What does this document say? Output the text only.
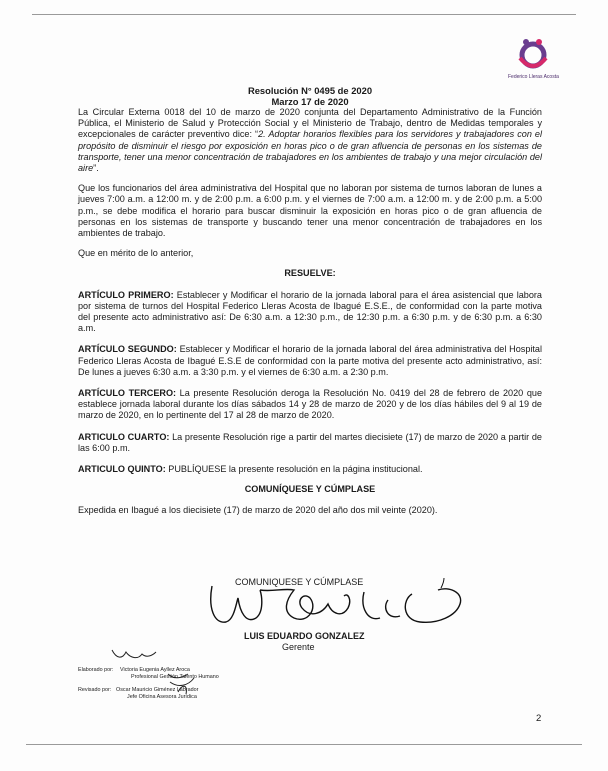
Federico Lleras Acosta
Resolución N° 0495 de 2020
Marzo 17 de 2020

La Circular Externa 0018 del 10 de marzo de 2020 conjunta del Departamento Administrativo de la Función Pública, el Ministerio de Salud y Protección Social y el Ministerio de Trabajo, dentro de Medidas temporales y excepcionales de carácter preventivo dice: “2. Adoptar horarios flexibles para los servidores y trabajadores con el propósito de disminuir el riesgo por exposición en horas pico o de gran afluencia de personas en los sistemas de transporte, tener una menor concentración de trabajadores en los ambientes de trabajo y una mejor circulación del aire”.

Que los funcionarios del área administrativa del Hospital que no laboran por sistema de turnos laboran de lunes a jueves 7:00 a.m. a 12:00 m. y de 2:00 p.m. a 6:00 p.m. y el viernes de 7:00 a.m. a 12:00 m. y de 2:00 p.m. a 5:00 p.m., se debe modifica el horario para buscar disminuir la exposición en horas pico o de gran afluencia de personas en los sistemas de transporte y buscando tener una menor concentración de trabajadores en los ambientes de trabajo.

Que en mérito de lo anterior,

RESUELVE:

ARTÍCULO PRIMERO: Establecer y Modificar el horario de la jornada laboral para el área asistencial que labora por sistema de turnos del Hospital Federico Lleras Acosta de Ibagué E.S.E., de conformidad con la parte motiva del presente acto administrativo así: De 6:30 a.m. a 12:30 p.m., de 12:30 p.m. a 6:30 p.m. y de 6:30 p.m. a 6:30 a.m.

ARTÍCULO SEGUNDO: Establecer y Modificar el horario de la jornada laboral del área administrativa del Hospital Federico Lleras Acosta de Ibagué E.S.E de conformidad con la parte motiva del presente acto administrativo, así: De lunes a jueves 6:30 a.m. a 3:30 p.m. y el viernes de 6:30 a.m. a 2:30 p.m.

ARTÍCULO TERCERO: La presente Resolución deroga la Resolución No. 0419 del 28 de febrero de 2020 que establece jornada laboral durante los días sábados 14 y 28 de marzo de 2020 y de los días hábiles del 9 al 19 de marzo de 2020, en lo pertinente del 17 al 28 de marzo de 2020.

ARTICULO CUARTO: La presente Resolución rige a partir del martes diecisiete (17) de marzo de 2020 a partir de las 6:00 p.m.

ARTICULO QUINTO: PUBLÍQUESE la presente resolución en la página institucional.

COMUNÍQUESE Y CÚMPLASE

Expedida en Ibagué a los diecisiete (17) de marzo de 2020 del año dos mil veinte (2020).

COMUNIQUESE Y CÚMPLASE
LUIS EDUARDO GONZALEZ
Gerente
Elaborado por: Victoria Eugenia Ayllez Aroca
Profesional Gestión Talento Humano
Revisado por: Oscar Mauricio Giménez Labrador
Jefe Oficina Asesora Jurídica
2
